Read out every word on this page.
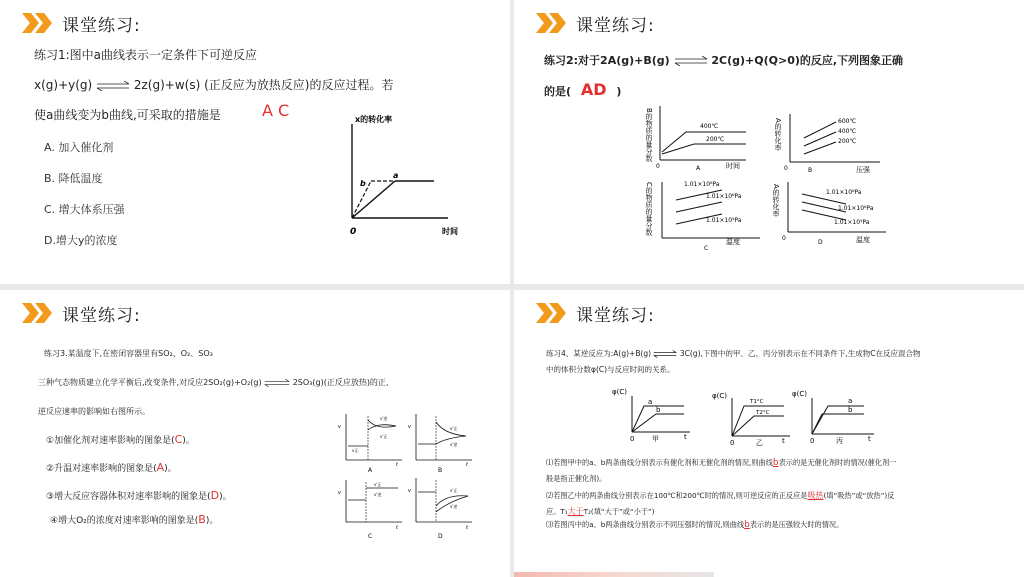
课堂练习:
练习1:图中a曲线表示一定条件下可逆反应
x(g)+y(g) ⇌ 2z(g)+w(s) (正反应为放热反应)的反应过程。若
使a曲线变为b曲线,可采取的措施是	A C
A. 加入催化剂
B. 降低温度
C. 增大体系压强
D.增大y的浓度
x的转化率
a
b
0	时间
课堂练习:
练习2:对于2A(g)+B(g) ⇌ 2C(g)+Q(Q>0)的反应,下列图象正确
的是( AD )
B的物质的量分数	400℃
200℃
0	A	时间
A的转化率	600℃
400℃
200℃
0	B	压强
C的物质的量分数	1.01×10⁶Pa
1.01×10⁶Pa
1.01×10⁵Pa
C
温度
A的转化率	1.01×10⁶Pa
1.01×10⁶Pa
1.01×10⁵Pa
0
D	温度
课堂练习:
练习3.某温度下,在密闭容器里有SO₂、O₂、SO₃
三种气态物质建立化学平衡后,改变条件,对反应2SO₂(g)+O₂(g) ⇌ 2SO₃(g)(正反应放热)的正、
逆反应速率的影响如右图所示。
①加催化剂对速率影响的图象是(C)。
②升温对速率影响的图象是(A)。
③增大反应容器体积对速率影响的图象是(D)。
④增大O₂的浓度对速率影响的图象是(B)。
v
v'逆
v'正
v正
t
A
v	v'正
v'逆
t
B
v
v'正
v'逆
t
C
v	v'正
v'逆
t
D
课堂练习:
练习4、某逆反应为:A(g)+B(g) ⇌ 3C(g),下图中的甲、乙、丙分别表示在不同条件下,生成物C在反应混合物
中的体积分数φ(C)与反应时间的关系。
φ(C)
a
b
0	甲	t
φ(C)
T1°C
T2°C
0	乙	t
φ(C)
a
b
0	丙	t
⑴若图甲中的a、b两条曲线分别表示有催化剂和无催化剂的情况,则曲线b表示的是无催化剂时的情况(催化剂一
般是指正催化剂)。
⑵若图乙中的两条曲线分别表示在100℃和200℃时的情况,则可逆反应的正反应是吸热(填“吸热”或“放热”)反
应。T₁大于T₂(填“大于”或“小于”)
⑶若图丙中的a、b两条曲线分别表示不同压强时的情况,则曲线b表示的是压强较大时的情况。
